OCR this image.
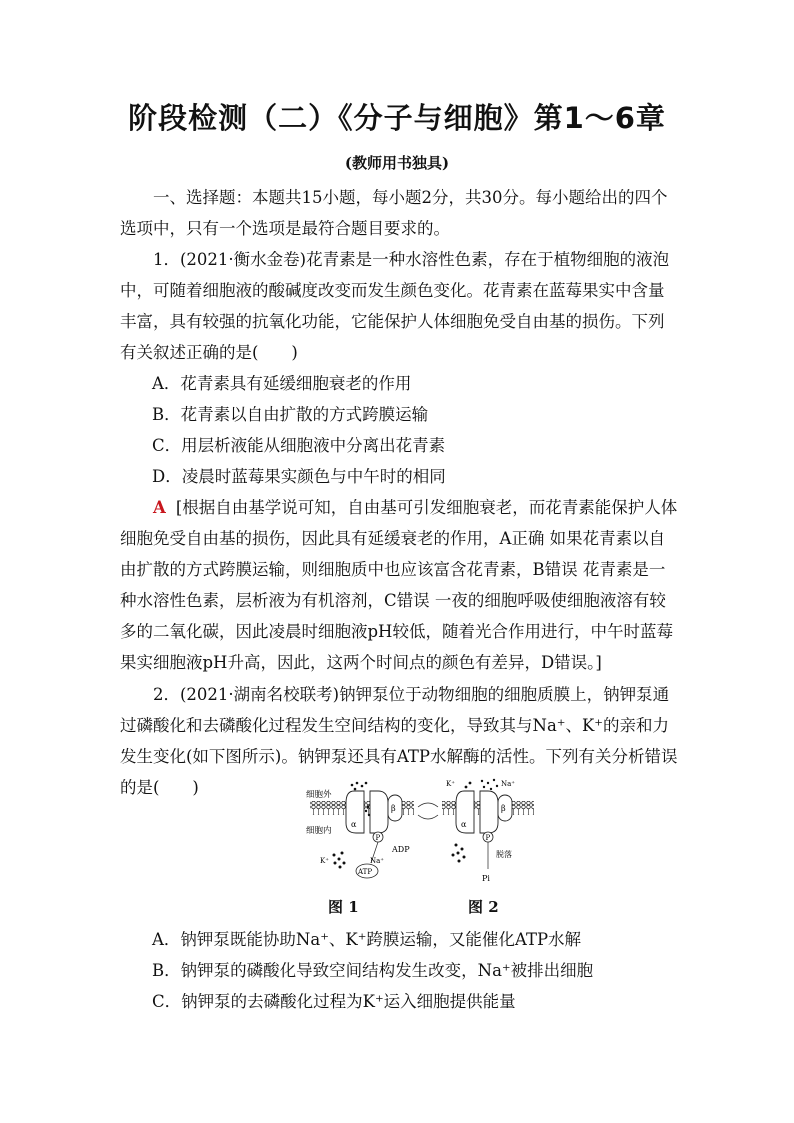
阶段检测（二）《分子与细胞》第1～6章
(教师用书独具)

一、选择题：本题共15小题，每小题2分，共30分。每小题给出的四个选项中，只有一个选项是最符合题目要求的。

1．(2021·衡水金卷)花青素是一种水溶性色素，存在于植物细胞的液泡中，可随着细胞液的酸碱度改变而发生颜色变化。花青素在蓝莓果实中含量丰富，具有较强的抗氧化功能，它能保护人体细胞免受自由基的损伤。下列有关叙述正确的是(　　)

A．花青素具有延缓细胞衰老的作用

B．花青素以自由扩散的方式跨膜运输

C．用层析液能从细胞液中分离出花青素

D．凌晨时蓝莓果实颜色与中午时的相同

A [根据自由基学说可知，自由基可引发细胞衰老，而花青素能保护人体细胞免受自由基的损伤，因此具有延缓衰老的作用，A正确 如果花青素以自由扩散的方式跨膜运输，则细胞质中也应该富含花青素，B错误 花青素是一种水溶性色素，层析液为有机溶剂，C错误 一夜的细胞呼吸使细胞液溶有较多的二氧化碳，因此凌晨时细胞液pH较低，随着光合作用进行，中午时蓝莓果实细胞液pH升高，因此，这两个时间点的颜色有差异，D错误。]

2．(2021·湖南名校联考)钠钾泵位于动物细胞的细胞质膜上，钠钾泵通过磷酸化和去磷酸化过程发生空间结构的变化，导致其与Na⁺、K⁺的亲和力发生变化(如下图所示)。钠钾泵还具有ATP水解酶的活性。下列有关分析错误的是(　　)	细胞外
细胞内
α
β
P
ATP
ADP
Na⁺
K⁺
α
β
K⁺	Na⁺
P
脱落
Pi
图 1	图 2

A．钠钾泵既能协助Na⁺、K⁺跨膜运输，又能催化ATP水解

B．钠钾泵的磷酸化导致空间结构发生改变，Na⁺被排出细胞

C．钠钾泵的去磷酸化过程为K⁺运入细胞提供能量
